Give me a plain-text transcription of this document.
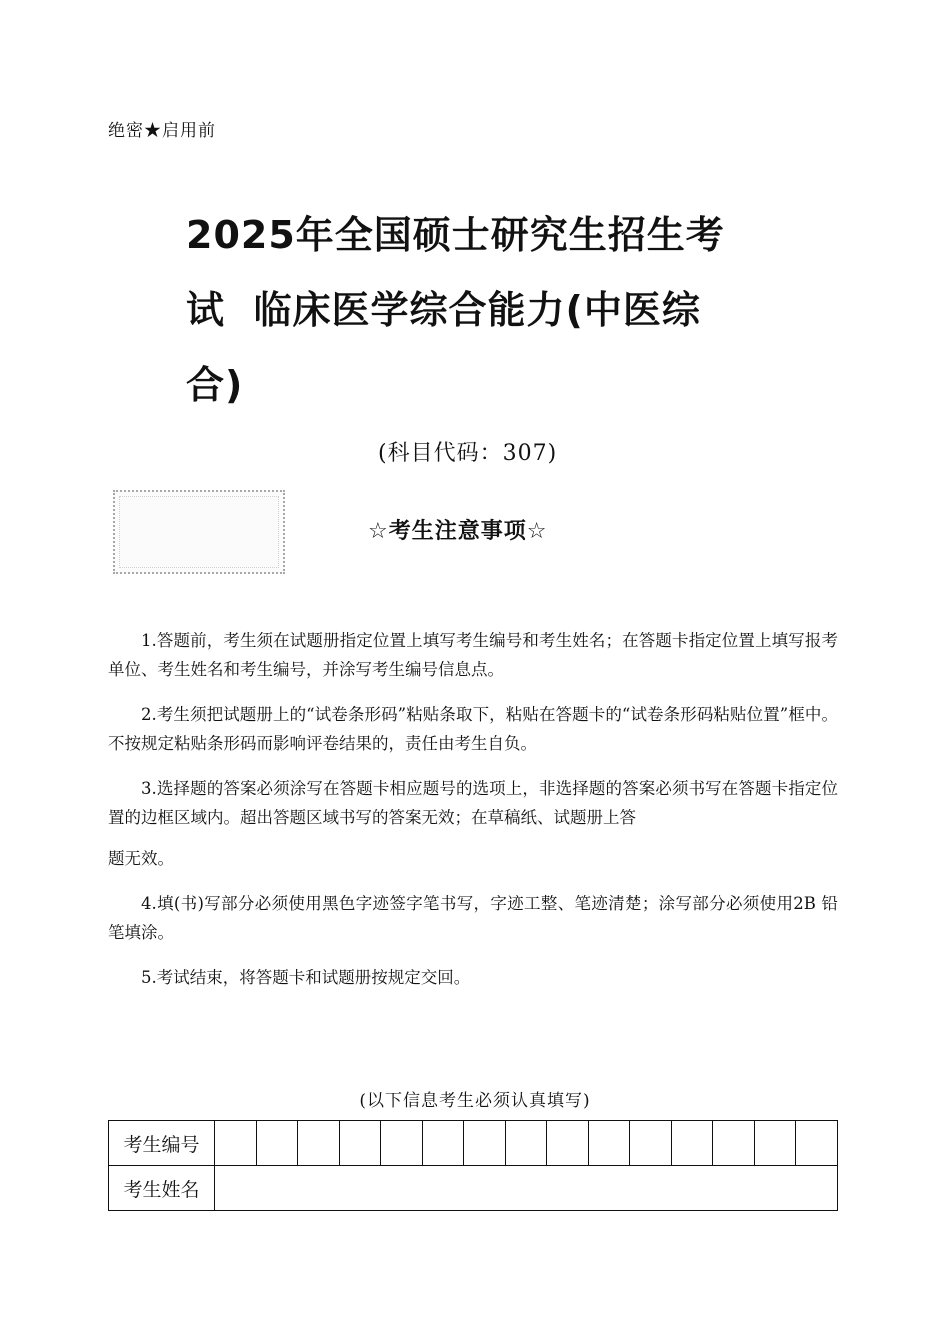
绝密★启用前
2025年全国硕士研究生招生考
试  临床医学综合能力(中医综
合)
(科目代码：307)
☆考生注意事项☆

1.答题前，考生须在试题册指定位置上填写考生编号和考生姓名；在答题卡指定位置上填写报考单位、考生姓名和考生编号，并涂写考生编号信息点。

2.考生须把试题册上的“试卷条形码”粘贴条取下，粘贴在答题卡的“试卷条形码粘贴位置”框中。不按规定粘贴条形码而影响评卷结果的，责任由考生自负。

3.选择题的答案必须涂写在答题卡相应题号的选项上，非选择题的答案必须书写在答题卡指定位置的边框区域内。超出答题区域书写的答案无效；在草稿纸、试题册上答
题无效。

4.填(书)写部分必须使用黑色字迹签字笔书写，字迹工整、笔迹清楚；涂写部分必须使用2B 铅笔填涂。

5.考试结束，将答题卡和试题册按规定交回。

(以下信息考生必须认真填写)
考生编号															
考生姓名															
